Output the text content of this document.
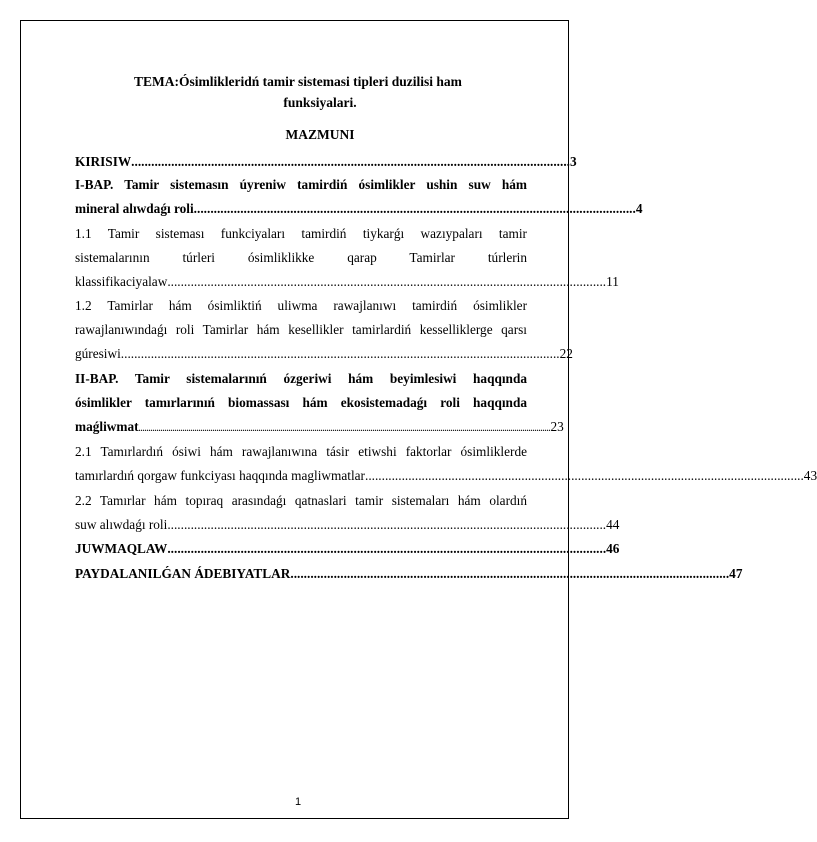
TEMA:Ósimlikleridń tamir sistemasi tipleri duzilisi ham
funksiyalari.
MAZMUNI
KIRISIW .................................................................................................................................... 3
I-BAP. Tamir sistemasın úyreniw tamirdiń ósimlikler ushin suw hám
mineral alıwdaǵı roli. .................................................................................................................................... 4
1.1 Tamir sisteması funkciyaları tamirdiń tiykarǵı wazıypaları tamir
sistemalarının túrleri ósimliklikke qarap Tamirlar túrlerin
klassifikaciyalaw .................................................................................................................................... 11
1.2 Tamirlar hám ósimliktiń uliwma rawajlanıwı tamirdiń ósimlikler
rawajlanıwındaǵı roli Tamirlar hám kesellikler tamirlardiń kesselliklerge qarsı
gúresiwi .................................................................................................................................... 22
II-BAP. Tamir sistemalarınıń ózgeriwi hám beyimlesiwi haqqında
ósimlikler tamırlarınıń biomassası hám ekosistemadaǵı roli haqqında
maǵliwmat .............................................................................................................................................................................................................. 23
2.1 Tamırlardıń ósiwi hám rawajlanıwına tásir etiwshi faktorlar ósimliklerde
tamırlardıń qorgaw funkciyası haqqında magliwmatlar .................................................................................................................................... 43
2.2 Tamırlar hám topıraq arasındaǵı qatnaslari tamir sistemaları hám olardıń
suw alıwdaǵı roli .................................................................................................................................... 44
JUWMAQLAW .................................................................................................................................... 46
PAYDALANILǴAN ÁDEBIYATLAR .................................................................................................................................... 47
1
